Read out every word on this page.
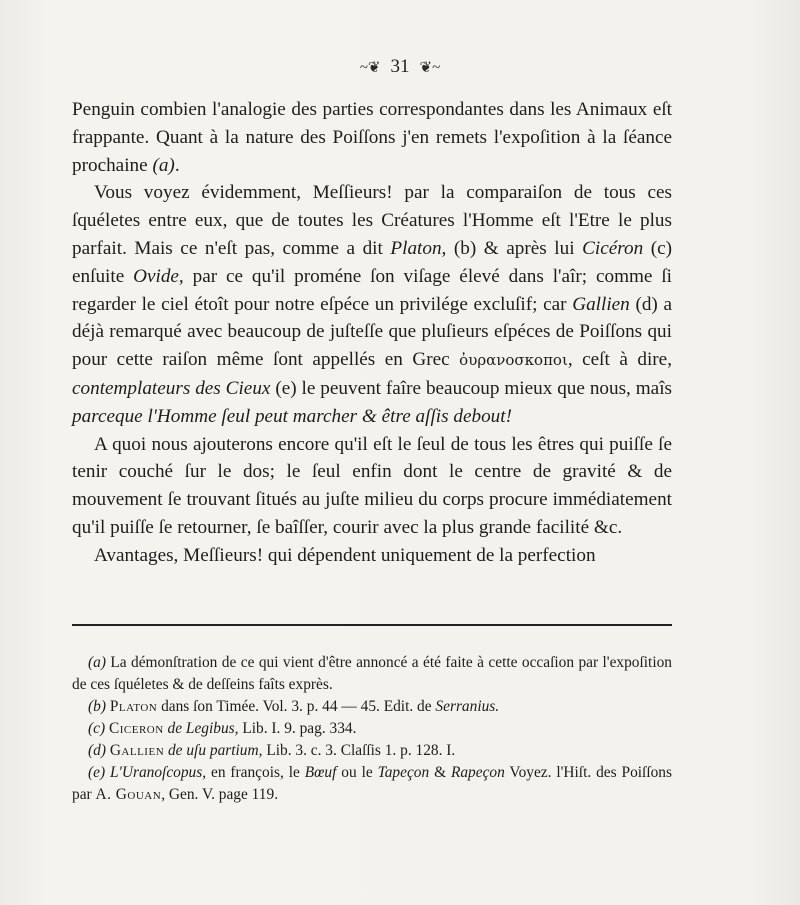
~❦ 31 ❦~

Penguin combien l'analogie des parties correspondantes dans les Animaux eſt frappante. Quant à la nature des Poiſſons j'en remets l'expoſition à la ſéance prochaine (a).

Vous voyez évidemment, Meſſieurs! par la comparaiſon de tous ces ſquéletes entre eux, que de toutes les Créatures l'Homme eſt l'Etre le plus parfait. Mais ce n'eſt pas, comme a dit Platon, (b) & après lui Cicéron (c) enſuite Ovide, par ce qu'il proméne ſon viſage élevé dans l'aîr; comme ſi regarder le ciel étoît pour notre eſpéce un privilége excluſif; car Gallien (d) a déjà remarqué avec beaucoup de juſteſſe que pluſieurs eſpéces de Poiſſons qui pour cette raiſon même ſont appellés en Grec ὀυρανοσκοποι, ceſt à dire, contemplateurs des Cieux (e) le peuvent faîre beaucoup mieux que nous, maîs parceque l'Homme ſeul peut marcher & être aſſis debout!

A quoi nous ajouterons encore qu'il eſt le ſeul de tous les êtres qui puiſſe ſe tenir couché ſur le dos; le ſeul enfin dont le centre de gravité & de mouvement ſe trouvant ſitués au juſte milieu du corps procure immédiatement qu'il puiſſe ſe retourner, ſe baîſſer, courir avec la plus grande facilité &c.

Avantages, Meſſieurs! qui dépendent uniquement de la perfection

(a) La démonſtration de ce qui vient d'être annoncé a été faite à cette occaſion par l'expoſition de ces ſquéletes & de deſſeins faîts exprès.

(b) Platon dans ſon Timée. Vol. 3. p. 44 — 45. Edit. de Serranius.

(c) Ciceron de Legibus, Lib. I. 9. pag. 334.

(d) Gallien de uſu partium, Lib. 3. c. 3. Claſſis 1. p. 128. I.

(e) L'Uranoſcopus, en françois, le Bœuf ou le Tapeçon & Rapeçon Voyez. l'Hiſt. des Poiſſons par A. Gouan, Gen. V. page 119.
